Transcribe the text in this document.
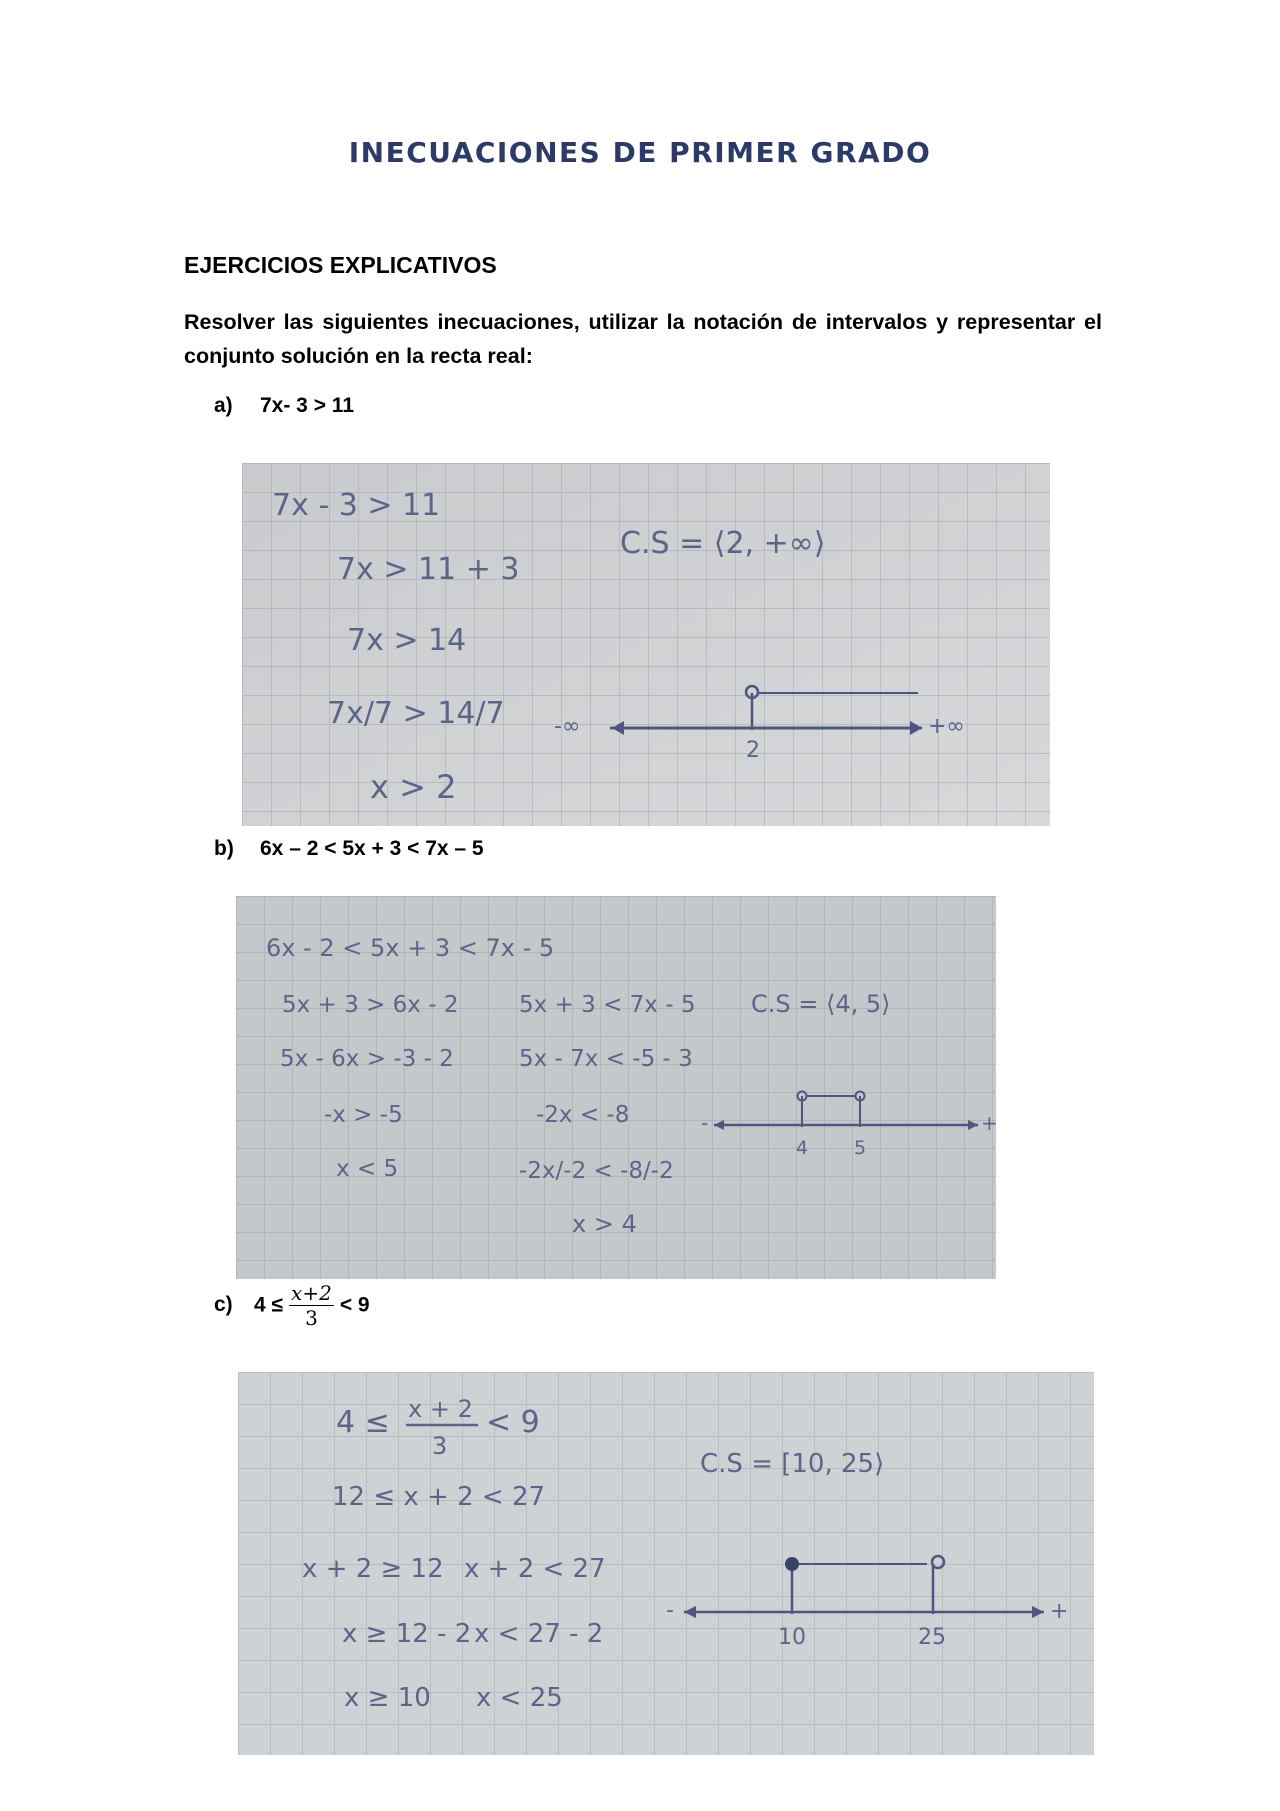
INECUACIONES DE PRIMER GRADO
EJERCICIOS EXPLICATIVOS
Resolver las siguientes inecuaciones, utilizar la notación de intervalos y representar el conjunto solución en la recta real:
a) 7x- 3 > 11
7x - 3 > 11
7x > 11 + 3
7x > 14
7x/7 > 14/7
x > 2
C.S = ⟨2, +∞⟩
-∞	+∞
2
b) 6x – 2 < 5x + 3 < 7x – 5
6x - 2 < 5x + 3 < 7x - 5
5x + 3 > 6x - 2
5x - 6x > -3 - 2
-x > -5
x < 5
5x + 3 < 7x - 5
5x - 7x < -5 - 3
-2x < -8
-2x/-2 < -8/-2
x > 4
C.S = ⟨4, 5⟩
-	+
4 5
c) $4 \le \frac{x+2}{3} < 9$
4 ≤ x + 2
3
< 9
12 ≤ x + 2 < 27
x + 2 ≥ 12
x ≥ 12 - 2
x ≥ 10
x + 2 < 27
x < 27 - 2
x < 25
C.S = [10, 25⟩
-	+
10	25
